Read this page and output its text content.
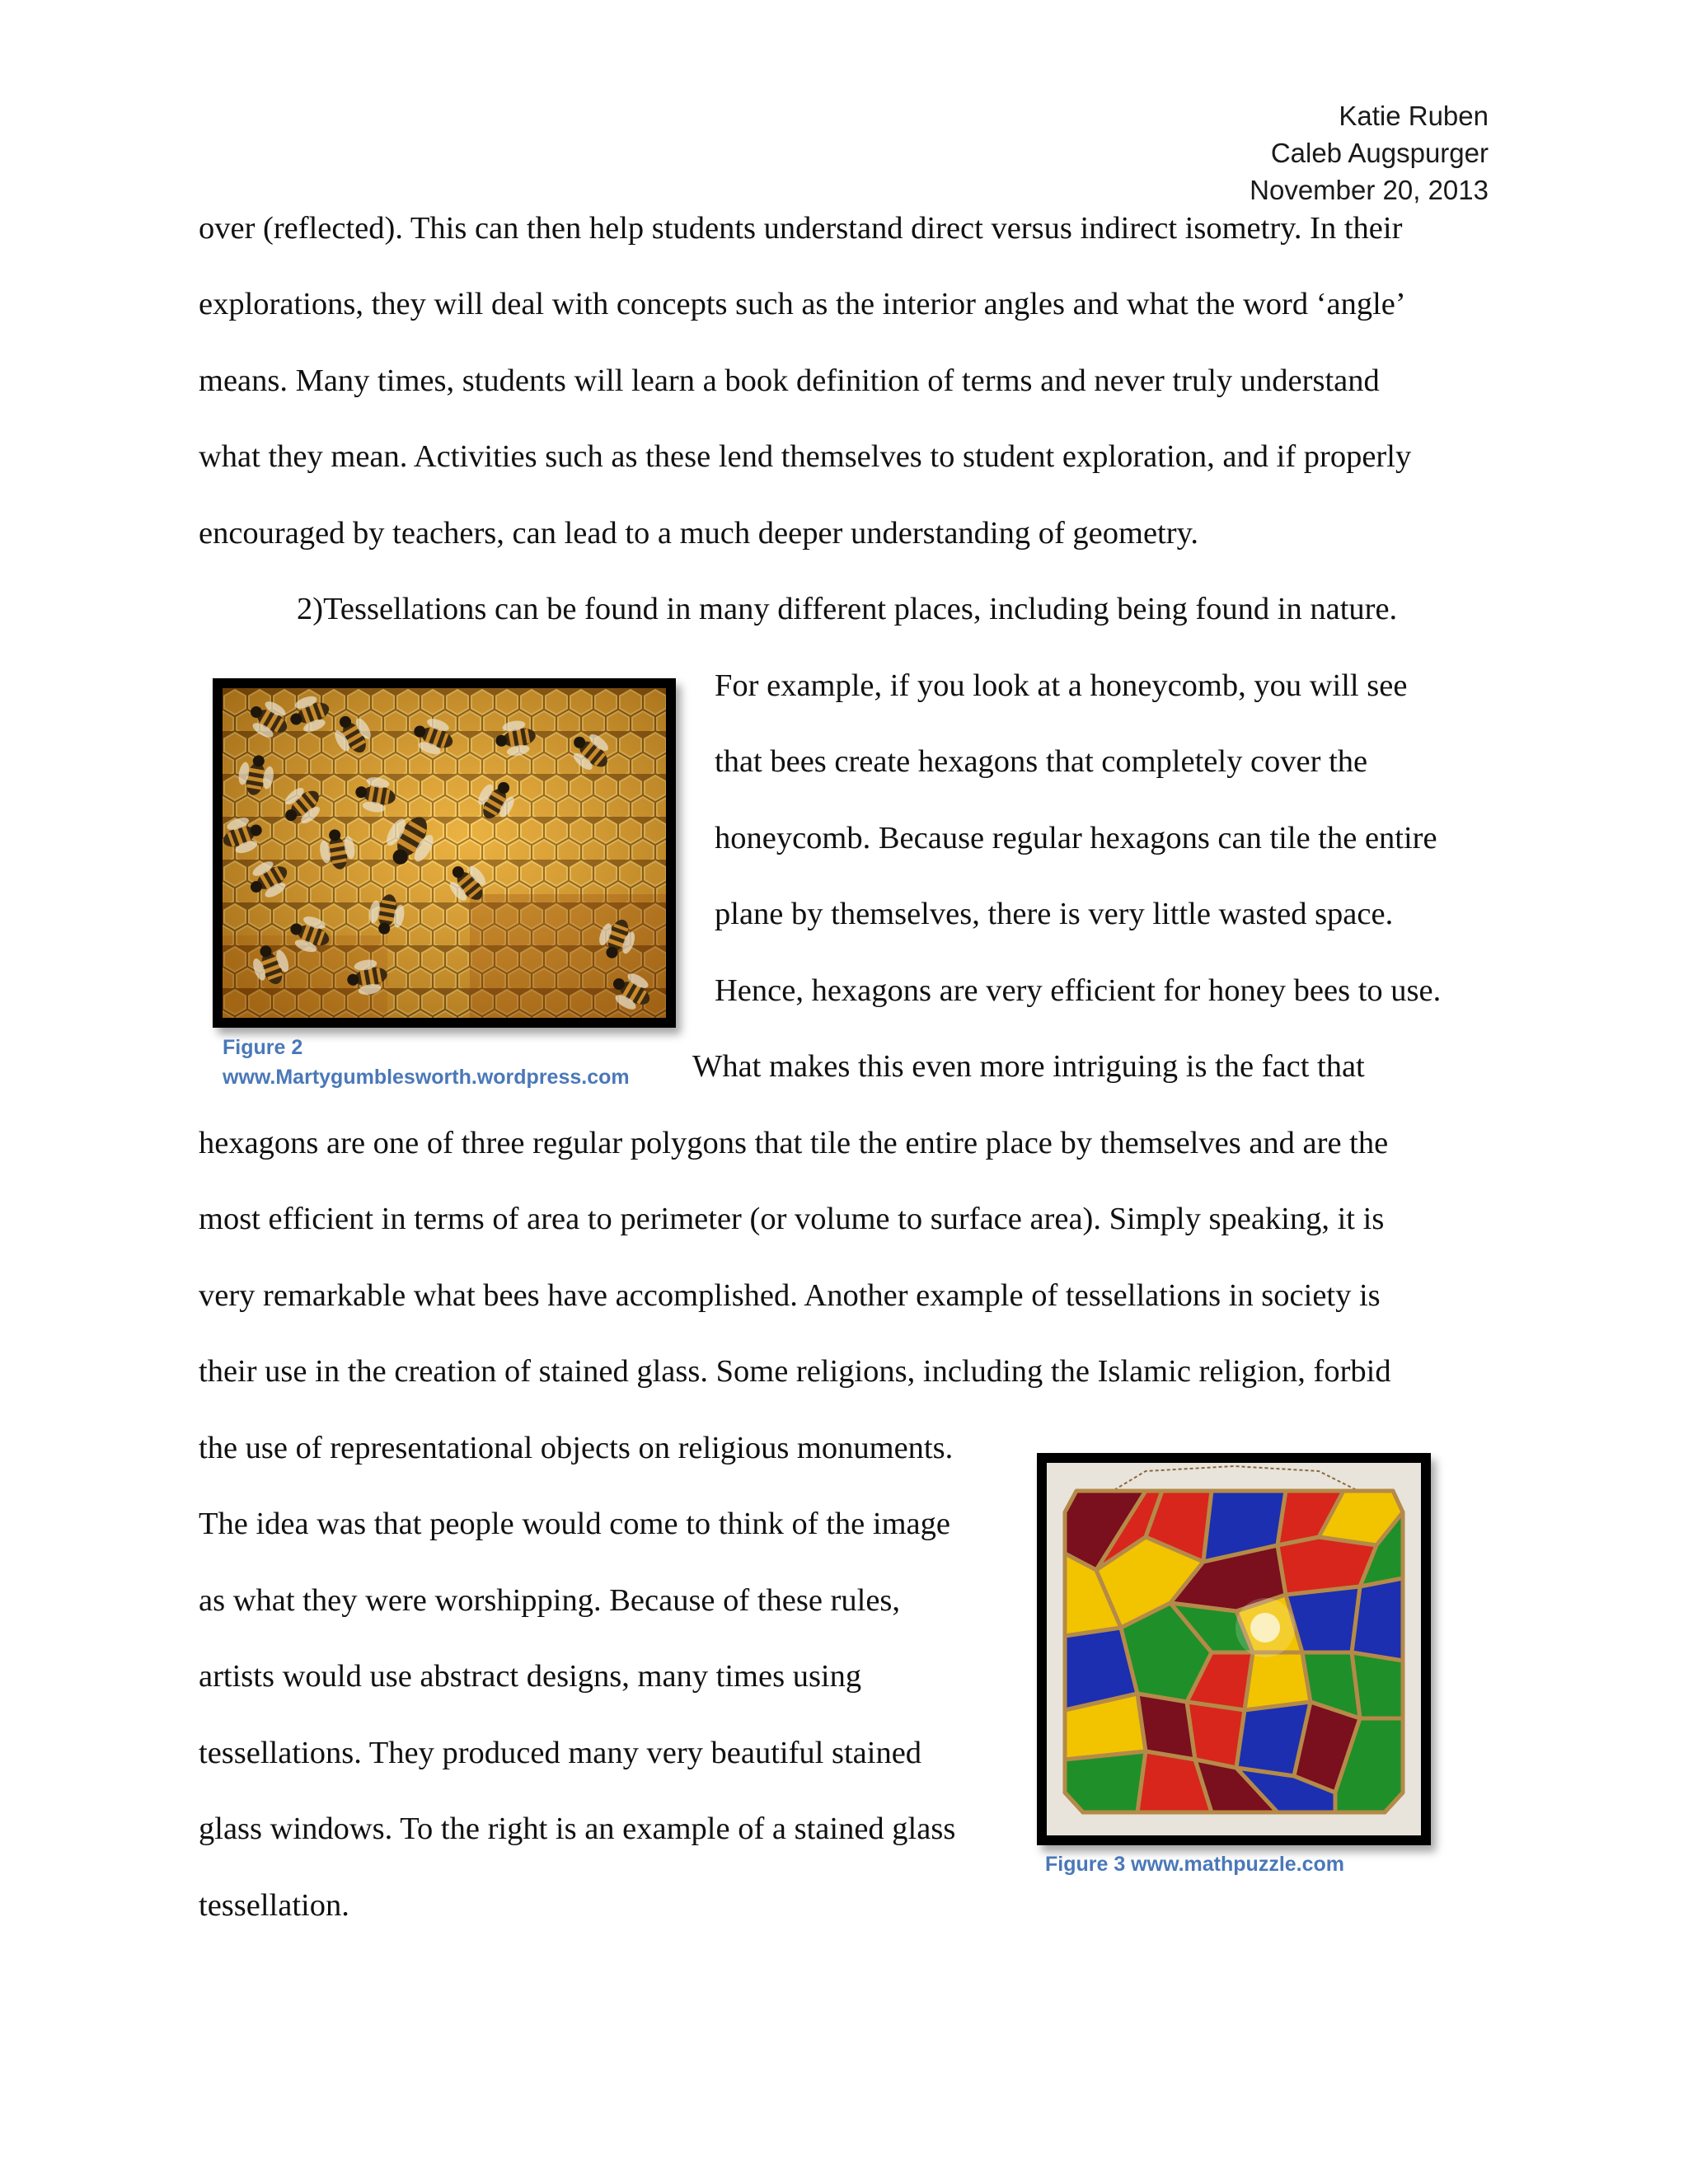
Katie Ruben
Caleb Augspurger
November 20, 2013
over (reflected). This can then help students understand direct versus indirect isometry. In their
explorations, they will deal with concepts such as the interior angles and what the word ‘angle’
means. Many times, students will learn a book definition of terms and never truly understand
what they mean. Activities such as these lend themselves to student exploration, and if properly
encouraged by teachers, can lead to a much deeper understanding of geometry.
2)Tessellations can be found in many different places, including being found in nature.
For example, if you look at a honeycomb, you will see
that bees create hexagons that completely cover the
honeycomb. Because regular hexagons can tile the entire
plane by themselves, there is very little wasted space.
Hence, hexagons are very efficient for honey bees to use.
What makes this even more intriguing is the fact that
hexagons are one of three regular polygons that tile the entire place by themselves and are the
most efficient in terms of area to perimeter (or volume to surface area). Simply speaking, it is
very remarkable what bees have accomplished. Another example of tessellations in society is
their use in the creation of stained glass. Some religions, including the Islamic religion, forbid
the use of representational objects on religious monuments.
The idea was that people would come to think of the image
as what they were worshipping. Because of these rules,
artists would use abstract designs, many times using
tessellations. They produced many very beautiful stained
glass windows. To the right is an example of a stained glass
tessellation.
Figure 2
www.Martygumblesworth.wordpress.com
Figure 3 www.mathpuzzle.com
